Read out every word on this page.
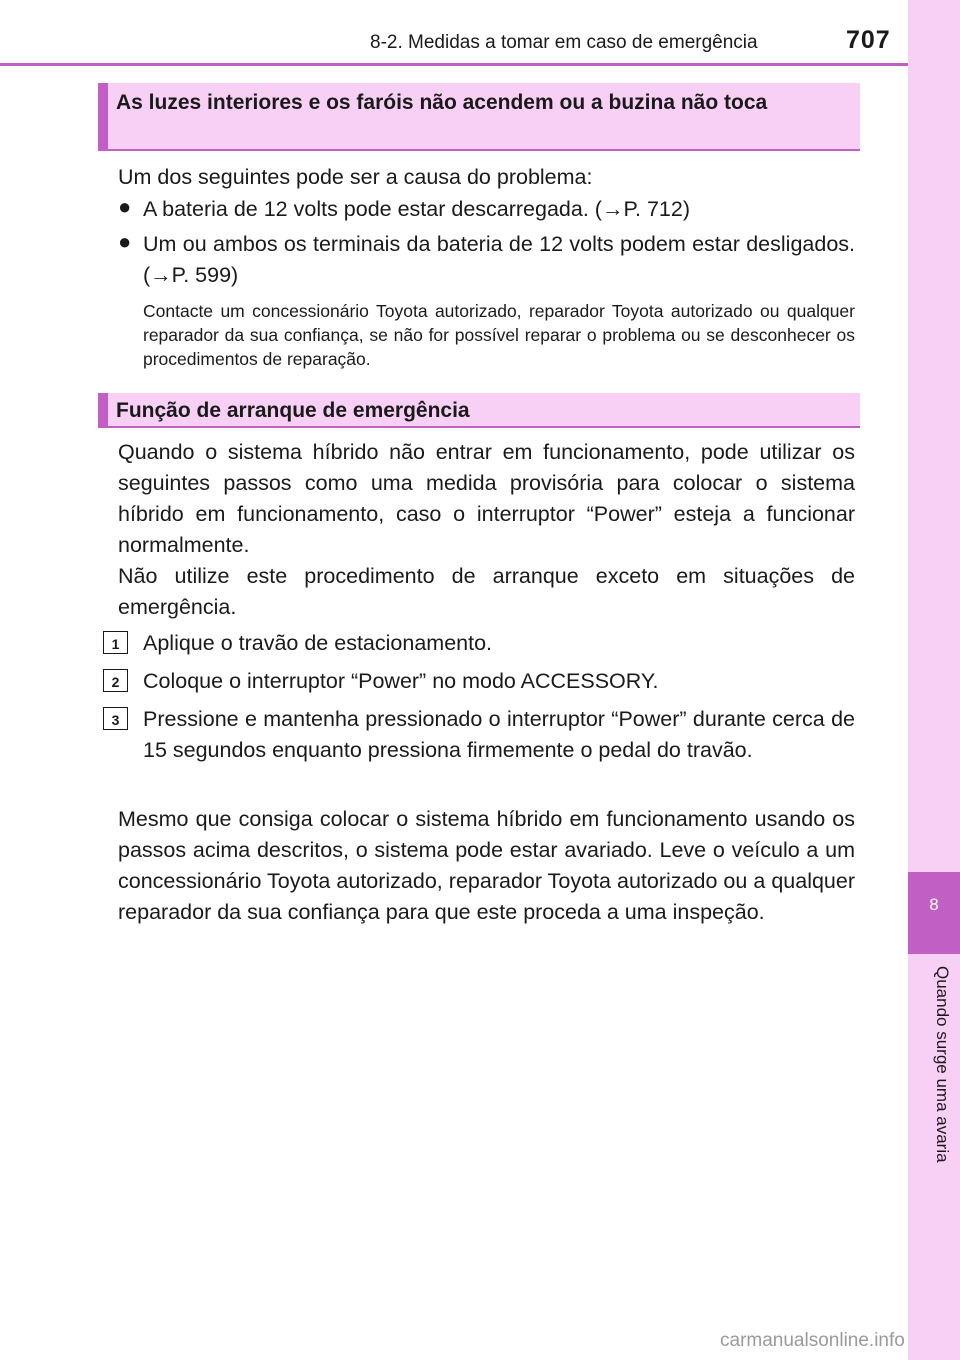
8-2. Medidas a tomar em caso de emergência	707
8
Quando surge uma avaria
As luzes interiores e os faróis não acendem ou a buzina não toca
Um dos seguintes pode ser a causa do problema:
● A bateria de 12 volts pode estar descarregada. (→P. 712)
● Um ou ambos os terminais da bateria de 12 volts podem estar desligados. (→P. 599)
Contacte um concessionário Toyota autorizado, reparador Toyota autorizado ou qualquer reparador da sua confiança, se não for possível reparar o problema ou se desconhecer os procedimentos de reparação.
Função de arranque de emergência
Quando o sistema híbrido não entrar em funcionamento, pode utilizar os seguintes passos como uma medida provisória para colocar o sistema híbrido em funcionamento, caso o interruptor “Power” esteja a funcionar normalmente.
Não utilize este procedimento de arranque exceto em situações de emergência.
1	Aplique o travão de estacionamento.
2	Coloque o interruptor “Power” no modo ACCESSORY.
3	Pressione e mantenha pressionado o interruptor “Power” durante cerca de 15 segundos enquanto pressiona firmemente o pedal do travão.
Mesmo que consiga colocar o sistema híbrido em funcionamento usando os passos acima descritos, o sistema pode estar avariado. Leve o veículo a um concessionário Toyota autorizado, reparador Toyota autorizado ou a qualquer reparador da sua confiança para que este proceda a uma inspeção.
carmanualsonline.info
